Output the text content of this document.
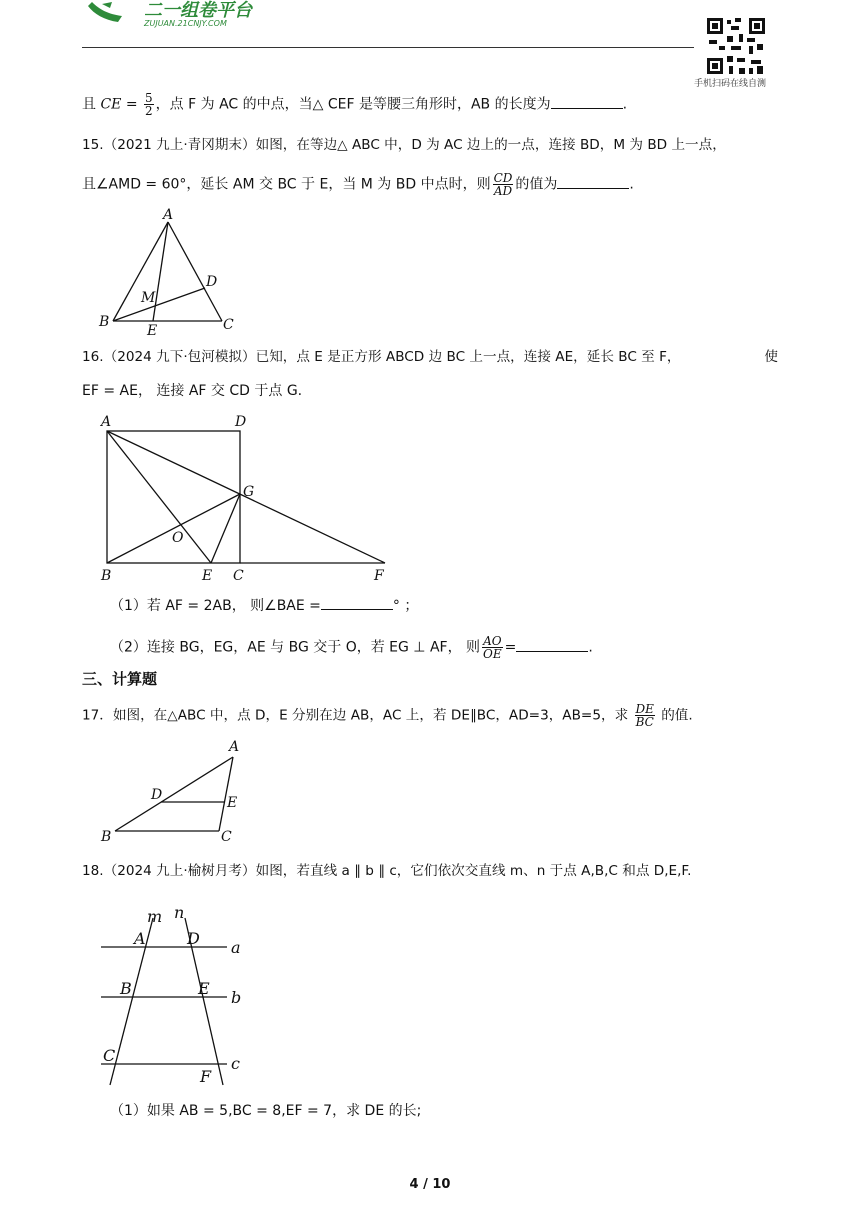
二一组卷平台
ZUJUAN.21CNJY.COM
手机扫码在线自测
且 CE = $\frac{5}{2}$ ，点 F 为 AC 的中点，当△ CEF 是等腰三角形时，AB 的长度为	.
15.（2021 九上·青冈期末）如图，在等边△ ABC 中，D 为 AC 边上的一点，连接 BD，M 为 BD 上一点，
且∠AMD = 60°，延长 AM 交 BC 于 E，当 M 为 BD 中点时，则 $\frac{CD}{AD}$ 的值为	.
A
B	C
D
E
M
16.（2024 九下·包河模拟）已知，点 E 是正方形 ABCD 边 BC 上一点，连接 AE，延长 BC 至 F，	使
EF = AE， 连接 AF 交 CD 于点 G.
A	D
G
O
B	E C	F
（1）若 AF = 2AB， 则∠BAE =	° ；
（2）连接 BG，EG，AE 与 BG 交于 O，若 EG ⊥ AF， 则 $\frac{AO}{OE}$ =	.
三、计算题
17．如图，在△ABC 中，点 D，E 分别在边 AB，AC 上，若 DE∥BC，AD=3，AB=5，求 $\frac{DE}{BC}$ 的值.
A
D	E
B	C
18.（2024 九上·榆树月考）如图，若直线 a ∥ b ∥ c，它们依次交直线 m、n 于点 A,B,C 和点 D,E,F.
m n
a
b
c
A	D
B	E
C
F
（1）如果 AB = 5,BC = 8,EF = 7，求 DE 的长;
4 / 10
